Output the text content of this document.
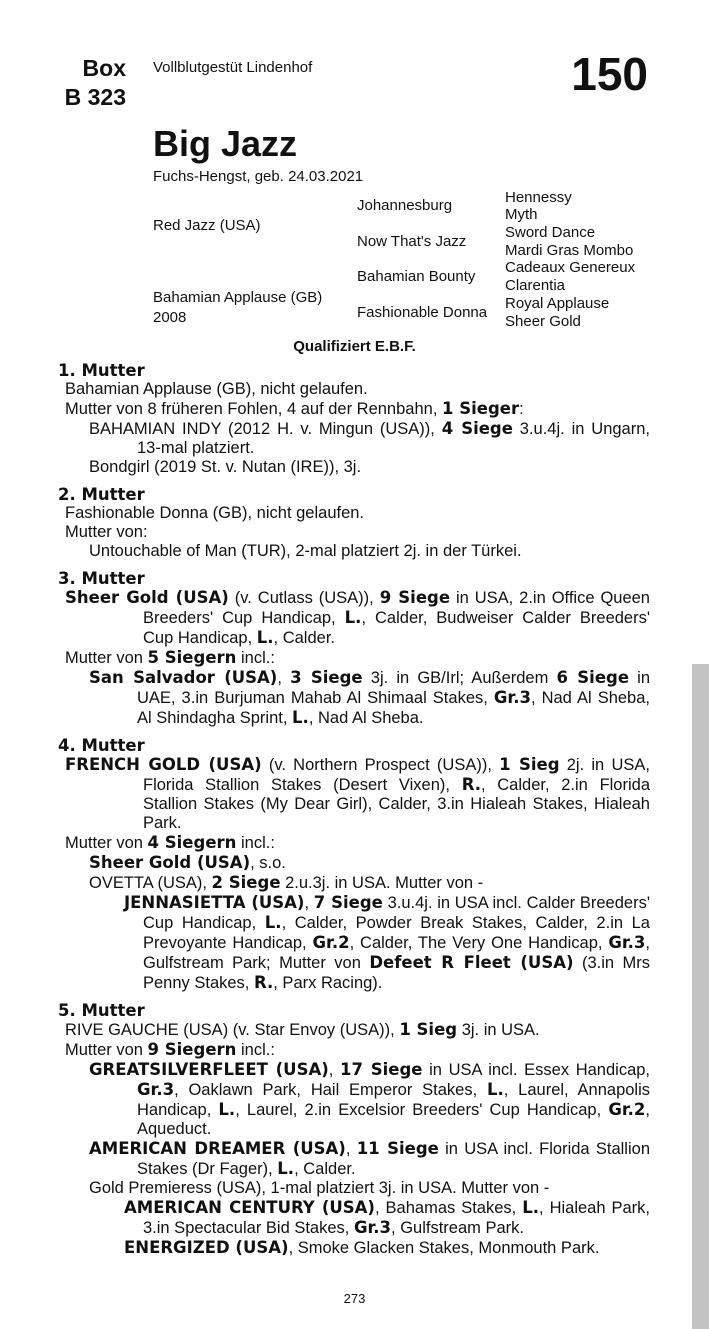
Box
B 323
Vollblutgestüt Lindenhof	150
Big Jazz
Fuchs-Hengst, geb. 24.03.2021
Red Jazz (USA)
Bahamian Applause (GB)
2008
Johannesburg
Now That's Jazz
Bahamian Bounty
Fashionable Donna
Hennessy
Myth
Sword Dance
Mardi Gras Mombo
Cadeaux Genereux
Clarentia
Royal Applause
Sheer Gold
Qualifiziert E.B.F.
1. Mutter
Bahamian Applause (GB), nicht gelaufen.
Mutter von 8 früheren Fohlen, 4 auf der Rennbahn, 1 Sieger:
BAHAMIAN INDY (2012 H. v. Mingun (USA)), 4 Siege 3.u.4j. in Ungarn, 13-mal platziert.
Bondgirl (2019 St. v. Nutan (IRE)), 3j.
2. Mutter
Fashionable Donna (GB), nicht gelaufen.
Mutter von:
Untouchable of Man (TUR), 2-mal platziert 2j. in der Türkei.
3. Mutter
Sheer Gold (USA) (v. Cutlass (USA)), 9 Siege in USA, 2.in Office Queen Breeders' Cup Handicap, L., Calder, Budweiser Calder Breeders' Cup Handicap, L., Calder.
Mutter von 5 Siegern incl.:
San Salvador (USA), 3 Siege 3j. in GB/Irl; Außerdem 6 Siege in UAE, 3.in Burjuman Mahab Al Shimaal Stakes, Gr.3, Nad Al Sheba, Al Shindagha Sprint, L., Nad Al Sheba.
4. Mutter
FRENCH GOLD (USA) (v. Northern Prospect (USA)), 1 Sieg 2j. in USA, Florida Stallion Stakes (Desert Vixen), R., Calder, 2.in Florida Stallion Stakes (My Dear Girl), Calder, 3.in Hialeah Stakes, Hialeah Park.
Mutter von 4 Siegern incl.:
Sheer Gold (USA), s.o.
OVETTA (USA), 2 Siege 2.u.3j. in USA. Mutter von -
JENNASIETTA (USA), 7 Siege 3.u.4j. in USA incl. Calder Breeders' Cup Handicap, L., Calder, Powder Break Stakes, Calder, 2.in La Prevoyante Handicap, Gr.2, Calder, The Very One Handicap, Gr.3, Gulfstream Park; Mutter von Defeet R Fleet (USA) (3.in Mrs Penny Stakes, R., Parx Racing).
5. Mutter
RIVE GAUCHE (USA) (v. Star Envoy (USA)), 1 Sieg 3j. in USA.
Mutter von 9 Siegern incl.:
GREATSILVERFLEET (USA), 17 Siege in USA incl. Essex Handicap, Gr.3, Oaklawn Park, Hail Emperor Stakes, L., Laurel, Annapolis Handicap, L., Laurel, 2.in Excelsior Breeders' Cup Handicap, Gr.2, Aqueduct.
AMERICAN DREAMER (USA), 11 Siege in USA incl. Florida Stallion Stakes (Dr Fager), L., Calder.
Gold Premieress (USA), 1-mal platziert 3j. in USA. Mutter von -
AMERICAN CENTURY (USA), Bahamas Stakes, L., Hialeah Park, 3.in Spectacular Bid Stakes, Gr.3, Gulfstream Park.
ENERGIZED (USA), Smoke Glacken Stakes, Monmouth Park.
273
